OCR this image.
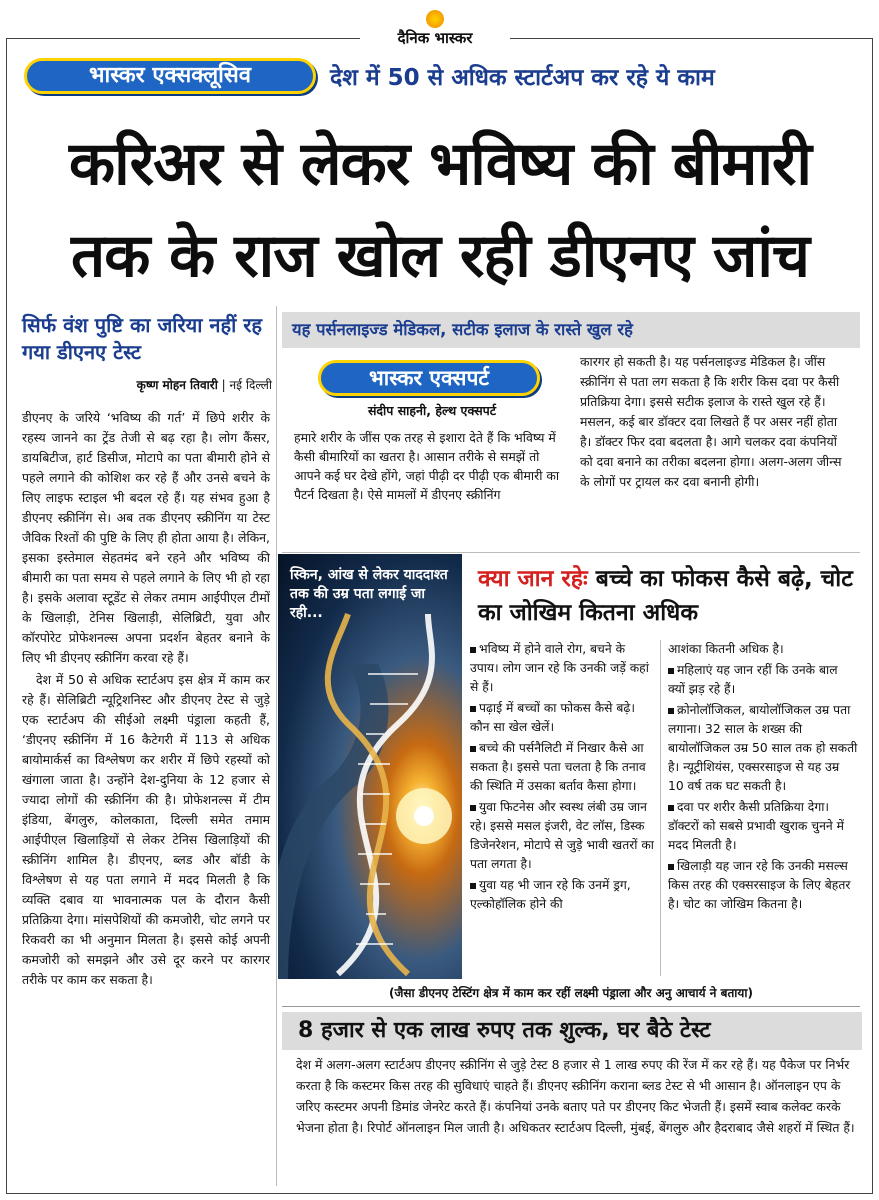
दैनिक भास्कर
भास्कर एक्सक्लूसिव	देश में 50 से अधिक स्टार्टअप कर रहे ये काम
करिअर से लेकर भविष्य की बीमारी
तक के राज खोल रही डीएनए जांच
सिर्फ वंश पुष्टि का जरिया नहीं रह गया डीएनए टेस्ट
कृष्ण मोहन तिवारी | नई दिल्ली

डीएनए के जरिये ‘भविष्य की गर्त’ में छिपे शरीर के रहस्य जानने का ट्रेंड तेजी से बढ़ रहा है। लोग कैंसर, डायबिटीज, हार्ट डिसीज, मोटापे का पता बीमारी होने से पहले लगाने की कोशिश कर रहे हैं और उनसे बचने के लिए लाइफ स्टाइल भी बदल रहे हैं। यह संभव हुआ है डीएनए स्क्रीनिंग से। अब तक डीएनए स्क्रीनिंग या टेस्ट जैविक रिश्तों की पुष्टि के लिए ही होता आया है। लेकिन, इसका इस्तेमाल सेहतमंद बने रहने और भविष्य की बीमारी का पता समय से पहले लगाने के लिए भी हो रहा है। इसके अलावा स्टूडेंट से लेकर तमाम आईपीएल टीमों के खिलाड़ी, टेनिस खिलाड़ी, सेलिब्रिटी, युवा और कॉरपोरेट प्रोफेशनल्स अपना प्रदर्शन बेहतर बनाने के लिए भी डीएनए स्क्रीनिंग करवा रहे हैं।

देश में 50 से अधिक स्टार्टअप इस क्षेत्र में काम कर रहे हैं। सेलिब्रिटी न्यूट्रिशनिस्ट और डीएनए टेस्ट से जुड़े एक स्टार्टअप की सीईओ लक्ष्मी पंड्राला कहती हैं, ‘डीएनए स्क्रीनिंग में 16 कैटेगरी में 113 से अधिक बायोमार्कर्स का विश्लेषण कर शरीर में छिपे रहस्यों को खंगाला जाता है। उन्होंने देश-दुनिया के 12 हजार से ज्यादा लोगों की स्क्रीनिंग की है। प्रोफेशनल्स में टीम इंडिया, बेंगलुरु, कोलकाता, दिल्ली समेत तमाम आईपीएल खिलाड़ियों से लेकर टेनिस खिलाड़ियों की स्क्रीनिंग शामिल है। डीएनए, ब्लड और बॉडी के विश्लेषण से यह पता लगाने में मदद मिलती है कि व्यक्ति दबाव या भावनात्मक पल के दौरान कैसी प्रतिक्रिया देगा। मांसपेशियों की कमजोरी, चोट लगने पर रिकवरी का भी अनुमान मिलता है। इससे कोई अपनी कमजोरी को समझने और उसे दूर करने पर कारगर तरीके पर काम कर सकता है।

यह पर्सनलाइज्ड मेडिकल, सटीक इलाज के रास्ते खुल रहे
भास्कर एक्सपर्ट
संदीप साहनी, हेल्थ एक्सपर्ट
हमारे शरीर के जींस एक तरह से इशारा देते हैं कि भविष्य में कैसी बीमारियों का खतरा है। आसान तरीके से समझें तो आपने कई घर देखे होंगे, जहां पीढ़ी दर पीढ़ी एक बीमारी का पैटर्न दिखता है। ऐसे मामलों में डीएनए स्क्रीनिंग
कारगर हो सकती है। यह पर्सनलाइज्ड मेडिकल है। जींस स्क्रीनिंग से पता लग सकता है कि शरीर किस दवा पर कैसी प्रतिक्रिया देगा। इससे सटीक इलाज के रास्ते खुल रहे हैं। मसलन, कई बार डॉक्टर दवा लिखते हैं पर असर नहीं होता है। डॉक्टर फिर दवा बदलता है। आगे चलकर दवा कंपनियों को दवा बनाने का तरीका बदलना होगा। अलग-अलग जीन्स के लोगों पर ट्रायल कर दवा बनानी होगी।
स्किन, आंख से लेकर याददाश्त तक की उम्र पता लगाई जा रही...
क्या जान रहेः बच्चे का फोकस कैसे बढ़े, चोट का जोखिम कितना अधिक

भविष्य में होने वाले रोग, बचने के उपाय। लोग जान रहे कि उनकी जड़ें कहां से हैं।

पढ़ाई में बच्चों का फोकस कैसे बढ़े। कौन सा खेल खेलें।

बच्चे की पर्सनैलिटी में निखार कैसे आ सकता है। इससे पता चलता है कि तनाव की स्थिति में उसका बर्ताव कैसा होगा।

युवा फिटनेस और स्वस्थ लंबी उम्र जान रहे। इससे मसल इंजरी, वेट लॉस, डिस्क डिजेनरेशन, मोटापे से जुड़े भावी खतरों का पता लगता है।

युवा यह भी जान रहे कि उनमें ड्रग, एल्कोहॉलिक होने की

आशंका कितनी अधिक है।

महिलाएं यह जान रहीं कि उनके बाल क्यों झड़ रहे हैं।

क्रोनोलॉजिकल, बायोलॉजिकल उम्र पता लगाना। 32 साल के शख्स की बायोलॉजिकल उम्र 50 साल तक हो सकती है। न्यूट्रीशियंस, एक्सरसाइज से यह उम्र 10 वर्ष तक घट सकती है।

दवा पर शरीर कैसी प्रतिक्रिया देगा। डॉक्टरों को सबसे प्रभावी खुराक चुनने में मदद मिलती है।

खिलाड़ी यह जान रहे कि उनकी मसल्स किस तरह की एक्सरसाइज के लिए बेहतर है। चोट का जोखिम कितना है।

(जैसा डीएनए टेस्टिंग क्षेत्र में काम कर रहीं लक्ष्मी पंड्राला और अनु आचार्य ने बताया)
8 हजार से एक लाख रुपए तक शुल्क, घर बैठे टेस्ट
देश में अलग-अलग स्टार्टअप डीएनए स्क्रीनिंग से जुड़े टेस्ट 8 हजार से 1 लाख रुपए की रेंज में कर रहे हैं। यह पैकेज पर निर्भर करता है कि कस्टमर किस तरह की सुविधाएं चाहते हैं। डीएनए स्क्रीनिंग कराना ब्लड टेस्ट से भी आसान है। ऑनलाइन एप के जरिए कस्टमर अपनी डिमांड जेनरेट करते हैं। कंपनियां उनके बताए पते पर डीएनए किट भेजती हैं। इसमें स्वाब कलेक्ट करके भेजना होता है। रिपोर्ट ऑनलाइन मिल जाती है। अधिकतर स्टार्टअप दिल्ली, मुंबई, बेंगलुरु और हैदराबाद जैसे शहरों में स्थित हैं।
